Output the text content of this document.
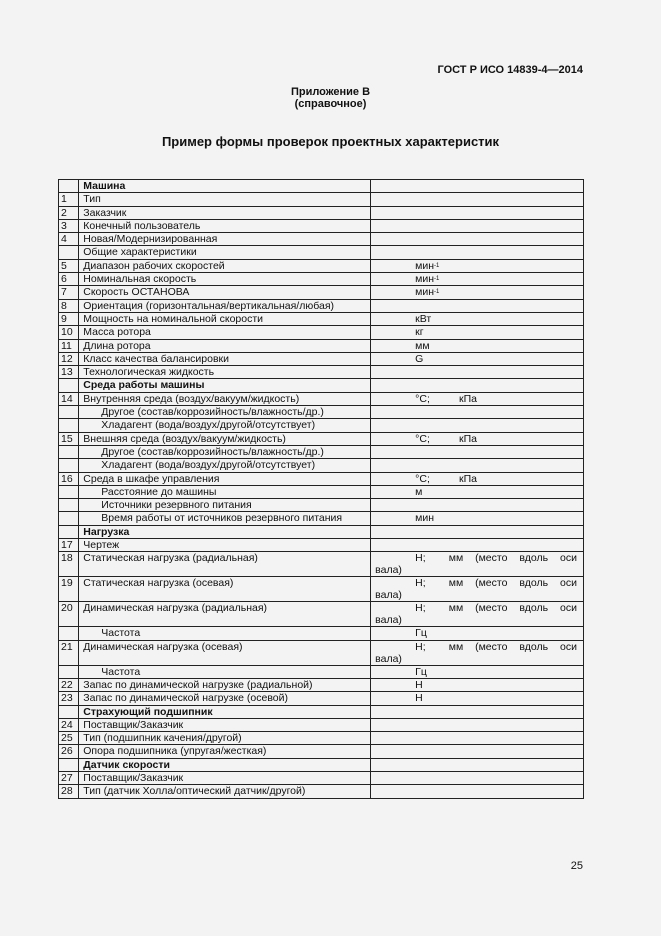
ГОСТ Р ИСО 14839-4—2014
Приложение В
(справочное)
Пример формы проверок проектных характеристик
	Машина	
1	Тип	
2	Заказчик	
3	Конечный пользователь	
4	Новая/Модернизированная	
	Общие характеристики	
5	Диапазон рабочих скоростей	мин -1

6	Номинальная скорость	мин -1

7	Скорость ОСТАНОВА	мин -1

8	Ориентация (горизонтальная/вертикальная/любая)	
9	Мощность на номинальной скорости	кВт

10	Масса ротора	кг

11	Длина ротора	мм

12	Класс качества балансировки	G

13	Технологическая жидкость	
	Среда работы машины	
14	Внутренняя среда (воздух/вакуум/жидкость)	°С; кПа

	Другое (состав/коррозийность/влажность/др.)	
	Хладагент (вода/воздух/другой/отсутствует)	
15	Внешняя среда (воздух/вакуум/жидкость)	°С; кПа

	Другое (состав/коррозийность/влажность/др.)	
	Хладагент (вода/воздух/другой/отсутствует)	
16	Среда в шкафе управления	°С; кПа

	Расстояние до машины	м

	Источники резервного питания	
	Время работы от источников резервного питания	мин

	Нагрузка	
17	Чертеж	
18	Статическая нагрузка (радиальная)	Н; мм (место вдоль оси
вала)

19	Статическая нагрузка (осевая)	Н; мм (место вдоль оси
вала)

20	Динамическая нагрузка (радиальная)	Н; мм (место вдоль оси
вала)

	Частота	Гц

21	Динамическая нагрузка (осевая)	Н; мм (место вдоль оси
вала)

	Частота	Гц

22	Запас по динамической нагрузке (радиальной)	Н

23	Запас по динамической нагрузке (осевой)	Н

	Страхующий подшипник	
24	Поставщик/Заказчик	
25	Тип (подшипник качения/другой)	
26	Опора подшипника (упругая/жесткая)	
	Датчик скорости	
27	Поставщик/Заказчик	
28	Тип (датчик Холла/оптический датчик/другой)	
25
